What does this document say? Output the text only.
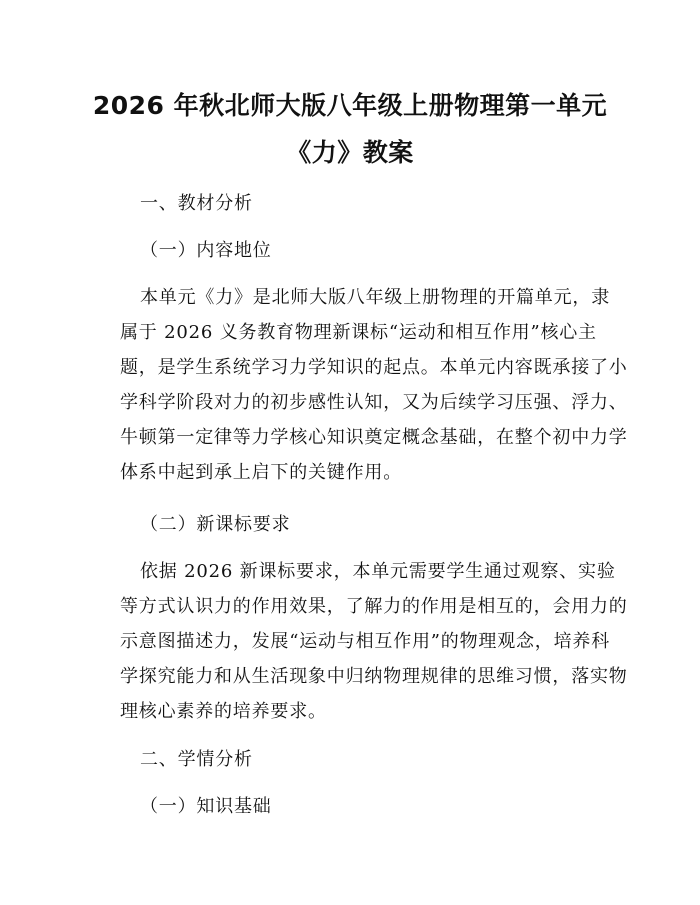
2026 年秋北师大版八年级上册物理第一单元
《力》教案
一、教材分析
（一）内容地位
本单元《力》是北师大版八年级上册物理的开篇单元，隶
属于 2026 义务教育物理新课标“运动和相互作用”核心主
题，是学生系统学习力学知识的起点。本单元内容既承接了小
学科学阶段对力的初步感性认知，又为后续学习压强、浮力、
牛顿第一定律等力学核心知识奠定概念基础，在整个初中力学
体系中起到承上启下的关键作用。
（二）新课标要求
依据 2026 新课标要求，本单元需要学生通过观察、实验
等方式认识力的作用效果，了解力的作用是相互的，会用力的
示意图描述力，发展“运动与相互作用”的物理观念，培养科
学探究能力和从生活现象中归纳物理规律的思维习惯，落实物
理核心素养的培养要求。
二、学情分析
（一）知识基础
